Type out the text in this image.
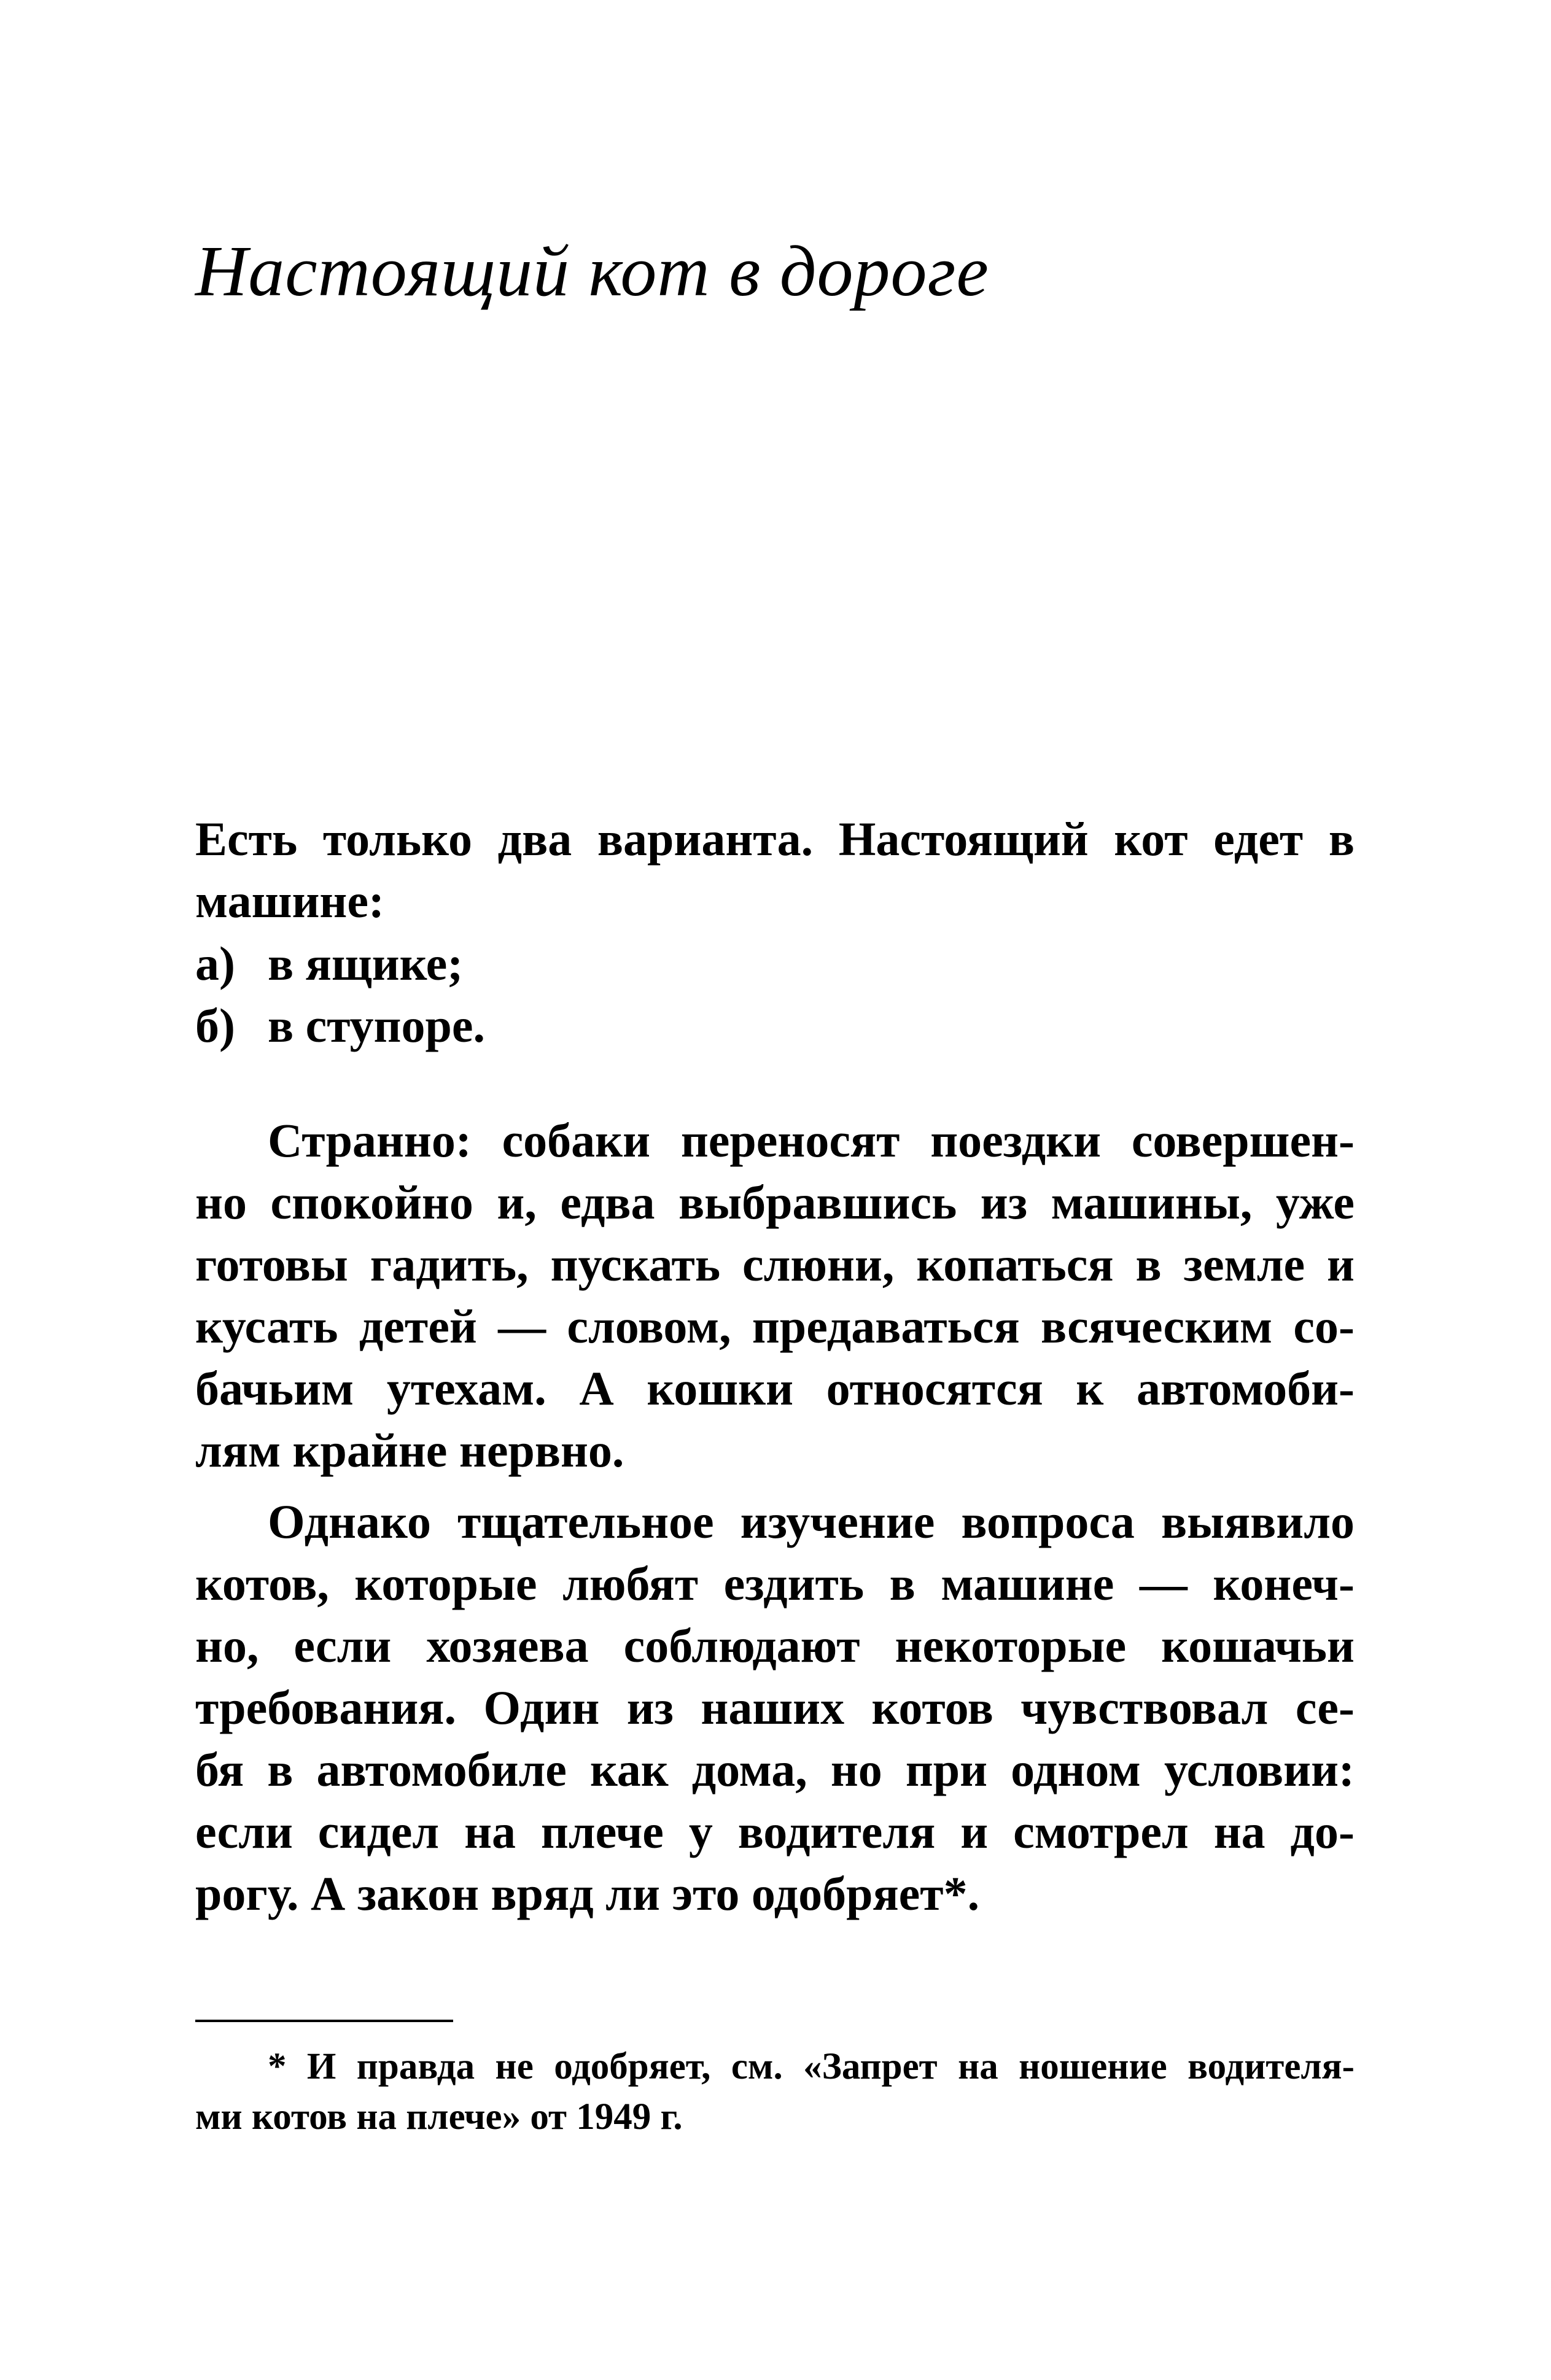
Настоящий кот в дороге
Есть только два варианта. Настоящий кот едет в
машине:
а) в ящике;
б) в ступоре.
Странно: собаки переносят поездки совершен-
но спокойно и, едва выбравшись из машины, уже
готовы гадить, пускать слюни, копаться в земле и
кусать детей — словом, предаваться всяческим со-
бачьим утехам. А кошки относятся к автомоби-
лям крайне нервно.
Однако тщательное изучение вопроса выявило
котов, которые любят ездить в машине — конеч-
но, если хозяева соблюдают некоторые кошачьи
требования. Один из наших котов чувствовал се-
бя в автомобиле как дома, но при одном условии:
если сидел на плече у водителя и смотрел на до-
рогу. А закон вряд ли это одобряет*.
* И правда не одобряет, см. «Запрет на ношение водителя-
ми котов на плече» от 1949 г.
